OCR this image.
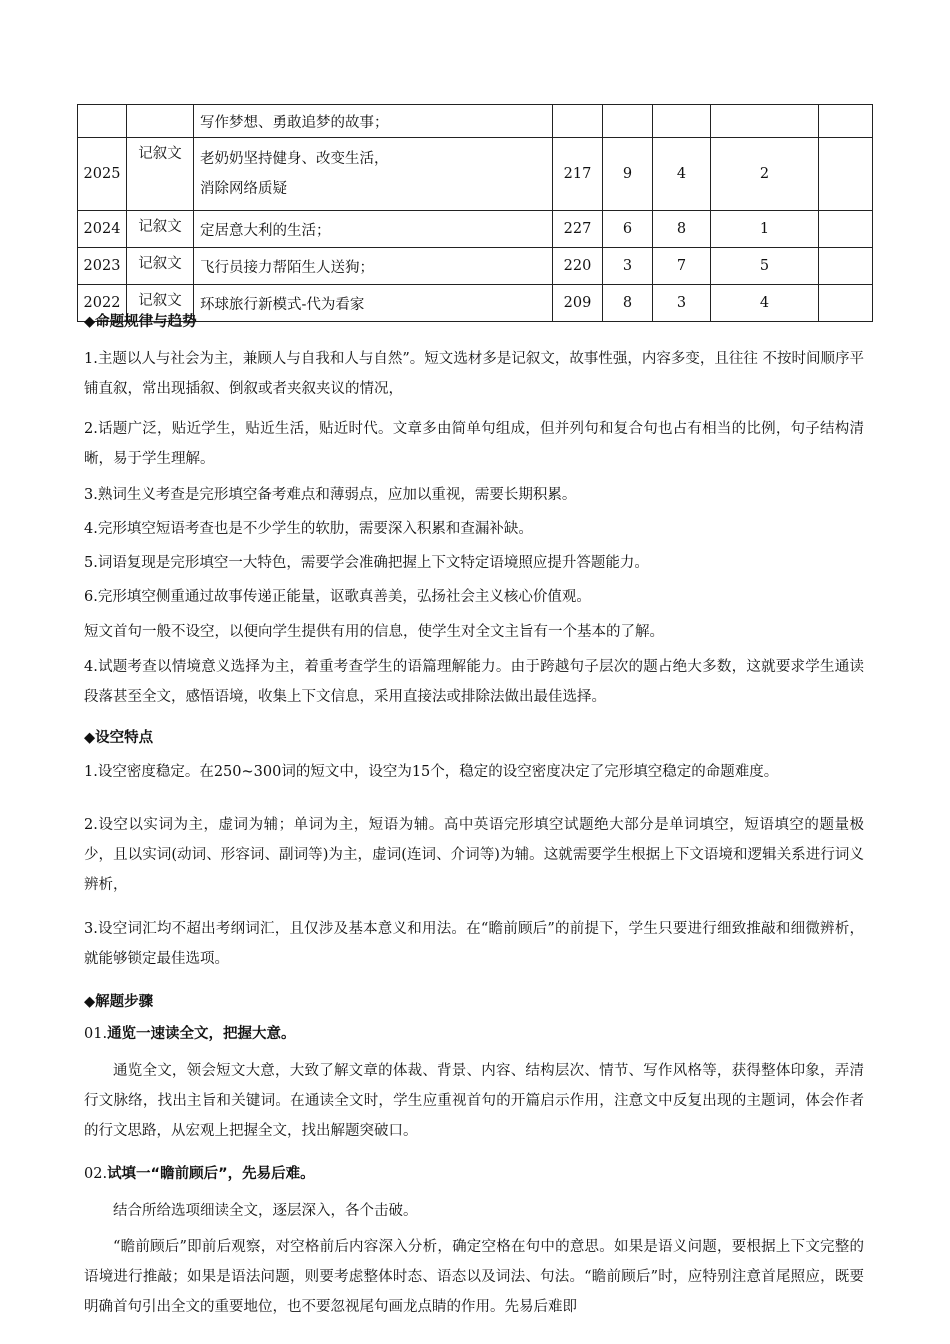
		写作梦想、勇敢追梦的故事；					
2025	记叙文	老奶奶坚持健身、改变生活，
消除网络质疑	217	9	4	2	
2024	记叙文	定居意大利的生活；	227	6	8	1	
2023	记叙文	飞行员接力帮陌生人送狗；	220	3	7	5	
2022	记叙文	环球旅行新模式-代为看家	209	8	3	4	
◆命题规律与趋势
1.主题以人与社会为主，兼顾人与自我和人与自然”。短文选材多是记叙文，故事性强，内容多变，且往往 不按时间顺序平铺直叙，常出现插叙、倒叙或者夹叙夹议的情况，
2.话题广泛，贴近学生，贴近生活，贴近时代。文章多由简单句组成，但并列句和复合句也占有相当的比例，句子结构清晰，易于学生理解。
3.熟词生义考查是完形填空备考难点和薄弱点，应加以重视，需要长期积累。
4.完形填空短语考查也是不少学生的软肋，需要深入积累和查漏补缺。
5.词语复现是完形填空一大特色，需要学会准确把握上下文特定语境照应提升答题能力。
6.完形填空侧重通过故事传递正能量，讴歌真善美，弘扬社会主义核心价值观。
短文首句一般不设空，以便向学生提供有用的信息，使学生对全文主旨有一个基本的了解。
4.试题考查以情境意义选择为主，着重考查学生的语篇理解能力。由于跨越句子层次的题占绝大多数，这就要求学生通读段落甚至全文，感悟语境，收集上下文信息，采用直接法或排除法做出最佳选择。
◆设空特点
1.设空密度稳定。在250~300词的短文中，设空为15个，稳定的设空密度决定了完形填空稳定的命题难度。
2.设空以实词为主，虚词为辅；单词为主，短语为辅。高中英语完形填空试题绝大部分是单词填空，短语填空的题量极少，且以实词(动词、形容词、副词等)为主，虚词(连词、介词等)为辅。这就需要学生根据上下文语境和逻辑关系进行词义辨析，
3.设空词汇均不超出考纲词汇，且仅涉及基本意义和用法。在“瞻前顾后”的前提下，学生只要进行细致推敲和细微辨析，就能够锁定最佳选项。
◆解题步骤
01.通览一速读全文，把握大意。
通览全文，领会短文大意，大致了解文章的体裁、背景、内容、结构层次、情节、写作风格等，获得整体印象，弄清行文脉络，找出主旨和关键词。在通读全文时，学生应重视首句的开篇启示作用，注意文中反复出现的主题词，体会作者的行文思路，从宏观上把握全文，找出解题突破口。
02.试填一“瞻前顾后”，先易后难。
结合所给选项细读全文，逐层深入，各个击破。
“瞻前顾后”即前后观察，对空格前后内容深入分析，确定空格在句中的意思。如果是语义问题，要根据上下文完整的语境进行推敲；如果是语法问题，则要考虑整体时态、语态以及词法、句法。“瞻前顾后”时，应特别注意首尾照应，既要明确首句引出全文的重要地位，也不要忽视尾句画龙点睛的作用。先易后难即
